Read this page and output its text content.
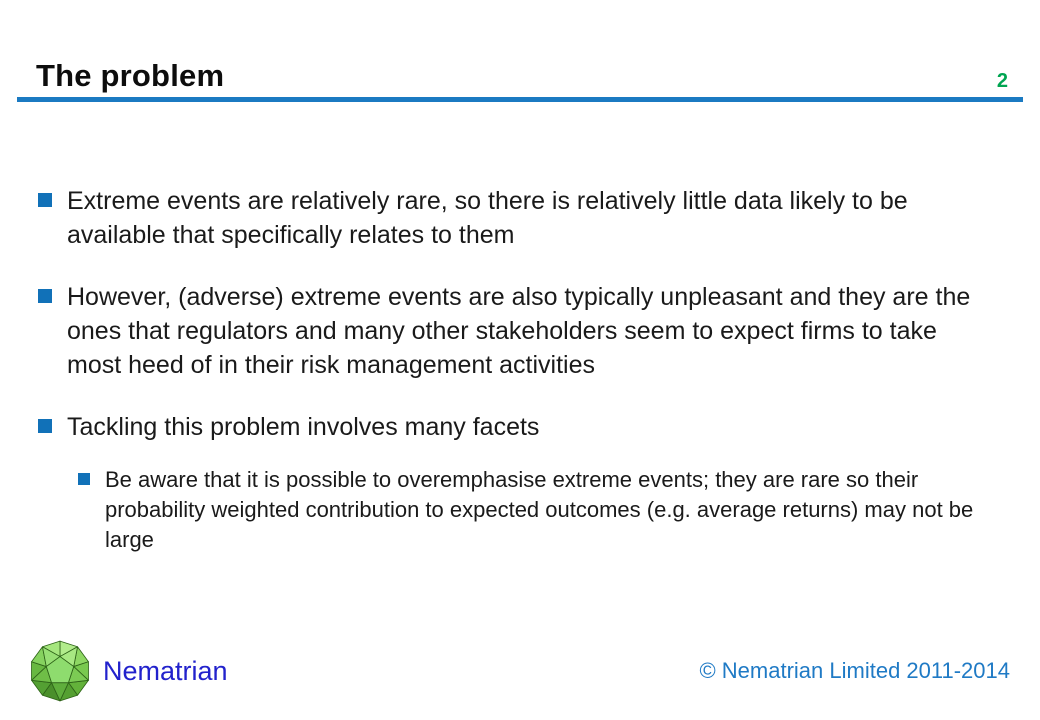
The problem	2
Extreme events are relatively rare, so there is relatively little data likely to be available that specifically relates to them
However, (adverse) extreme events are also typically unpleasant and they are the ones that regulators and many other stakeholders seem to expect firms to take most heed of in their risk management activities
Tackling this problem involves many facets
Be aware that it is possible to overemphasise extreme events; they are rare so their probability weighted contribution to expected outcomes (e.g. average returns) may not be large
Nematrian	© Nematrian Limited 2011-2014
